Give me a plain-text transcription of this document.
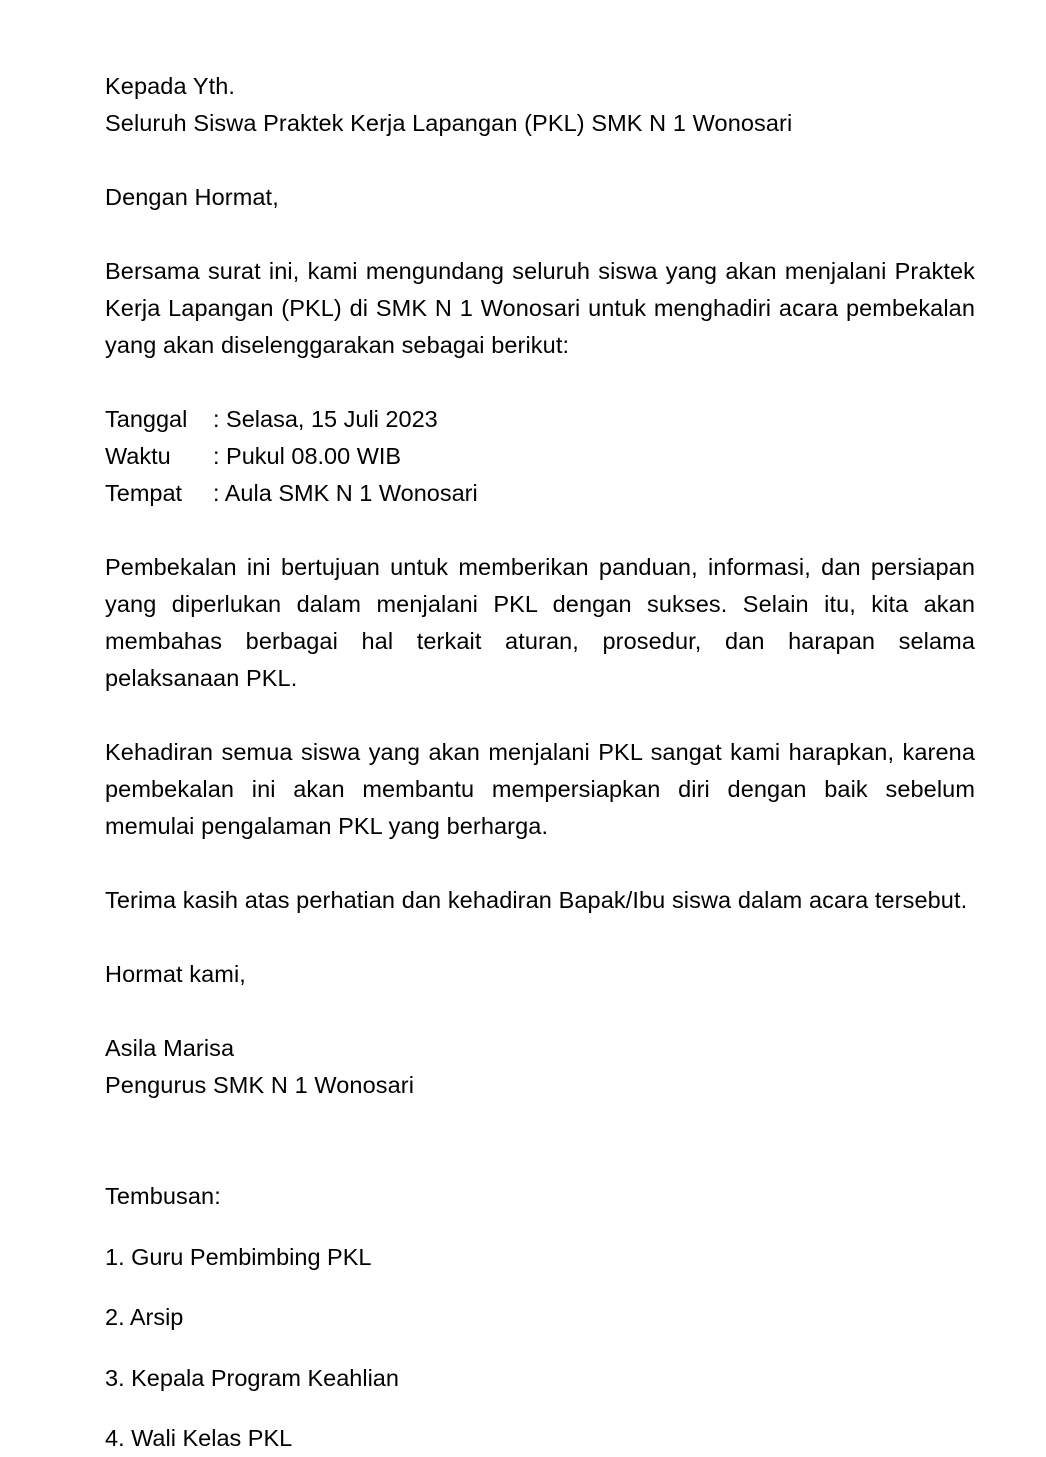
Kepada Yth.

Seluruh Siswa Praktek Kerja Lapangan (PKL) SMK N 1 Wonosari

Dengan Hormat,

Bersama surat ini, kami mengundang seluruh siswa yang akan menjalani Praktek Kerja Lapangan (PKL) di SMK N 1 Wonosari untuk menghadiri acara pembekalan yang akan diselenggarakan sebagai berikut:

Tanggal	: Selasa, 15 Juli 2023
Waktu	: Pukul 08.00 WIB
Tempat	: Aula SMK N 1 Wonosari

Pembekalan ini bertujuan untuk memberikan panduan, informasi, dan persiapan yang diperlukan dalam menjalani PKL dengan sukses. Selain itu, kita akan membahas berbagai hal terkait aturan, prosedur, dan harapan selama pelaksanaan PKL.

Kehadiran semua siswa yang akan menjalani PKL sangat kami harapkan, karena pembekalan ini akan membantu mempersiapkan diri dengan baik sebelum memulai pengalaman PKL yang berharga.

Terima kasih atas perhatian dan kehadiran Bapak/Ibu siswa dalam acara tersebut.

Hormat kami,

Asila Marisa

Pengurus SMK N 1 Wonosari

Tembusan:

1. Guru Pembimbing PKL

2. Arsip

3. Kepala Program Keahlian

4. Wali Kelas PKL
